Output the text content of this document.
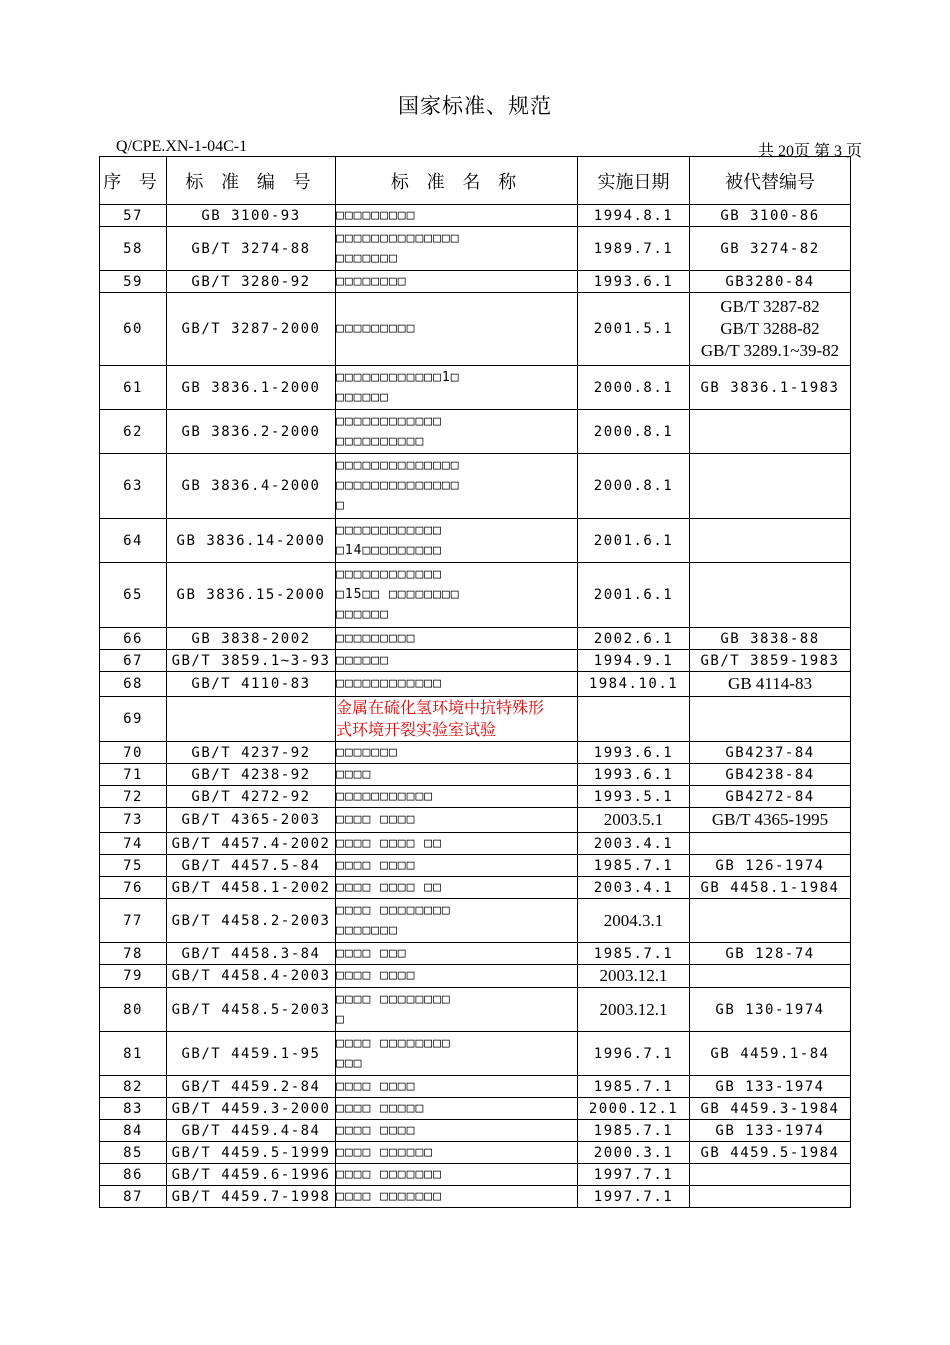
国家标准、规范
Q/CPE.XN-1-04C-1	共 20页 第 3 页
序 号	标 准 编 号	标 准 名 称	实施日期	被代替编号
57	GB 3100-93	□□□□□□□□□	1994.8.1	GB 3100-86
58	GB/T 3274-88	□□□□□□□□□□□□□□
□□□□□□□	1989.7.1	GB 3274-82
59	GB/T 3280-92	□□□□□□□□	1993.6.1	GB3280-84
60	GB/T 3287-2000	□□□□□□□□□	2001.5.1	GB/T 3287-82
GB/T 3288-82
GB/T 3289.1~39-82
61	GB 3836.1-2000	□□□□□□□□□□□□1□
□□□□□□	2000.8.1	GB 3836.1-1983
62	GB 3836.2-2000	□□□□□□□□□□□□
□□□□□□□□□□	2000.8.1	
63	GB 3836.4-2000	□□□□□□□□□□□□□□
□□□□□□□□□□□□□□
□	2000.8.1	
64	GB 3836.14-2000	□□□□□□□□□□□□
□14□□□□□□□□□	2001.6.1	
65	GB 3836.15-2000	□□□□□□□□□□□□
□15□□ □□□□□□□□
□□□□□□	2001.6.1	
66	GB 3838-2002	□□□□□□□□□	2002.6.1	GB 3838-88
67	GB/T 3859.1~3-93	□□□□□□	1994.9.1	GB/T 3859-1983
68	GB/T 4110-83	□□□□□□□□□□□□	1984.10.1	GB 4114-83
69		金属在硫化氢环境中抗特殊形
式环境开裂实验室试验		
70	GB/T 4237-92	□□□□□□□	1993.6.1	GB4237-84
71	GB/T 4238-92	□□□□	1993.6.1	GB4238-84
72	GB/T 4272-92	□□□□□□□□□□□	1993.5.1	GB4272-84
73	GB/T 4365-2003	□□□□ □□□□	2003.5.1	GB/T 4365-1995
74	GB/T 4457.4-2002	□□□□ □□□□ □□	2003.4.1	
75	GB/T 4457.5-84	□□□□ □□□□	1985.7.1	GB 126-1974
76	GB/T 4458.1-2002	□□□□ □□□□ □□	2003.4.1	GB 4458.1-1984
77	GB/T 4458.2-2003	□□□□ □□□□□□□□
□□□□□□□	2004.3.1	
78	GB/T 4458.3-84	□□□□ □□□	1985.7.1	GB 128-74
79	GB/T 4458.4-2003	□□□□ □□□□	2003.12.1	
80	GB/T 4458.5-2003	□□□□ □□□□□□□□
□	2003.12.1	GB 130-1974
81	GB/T 4459.1-95	□□□□ □□□□□□□□
□□□	1996.7.1	GB 4459.1-84
82	GB/T 4459.2-84	□□□□ □□□□	1985.7.1	GB 133-1974
83	GB/T 4459.3-2000	□□□□ □□□□□	2000.12.1	GB 4459.3-1984
84	GB/T 4459.4-84	□□□□ □□□□	1985.7.1	GB 133-1974
85	GB/T 4459.5-1999	□□□□ □□□□□□	2000.3.1	GB 4459.5-1984
86	GB/T 4459.6-1996	□□□□ □□□□□□□	1997.7.1	
87	GB/T 4459.7-1998	□□□□ □□□□□□□	1997.7.1	
